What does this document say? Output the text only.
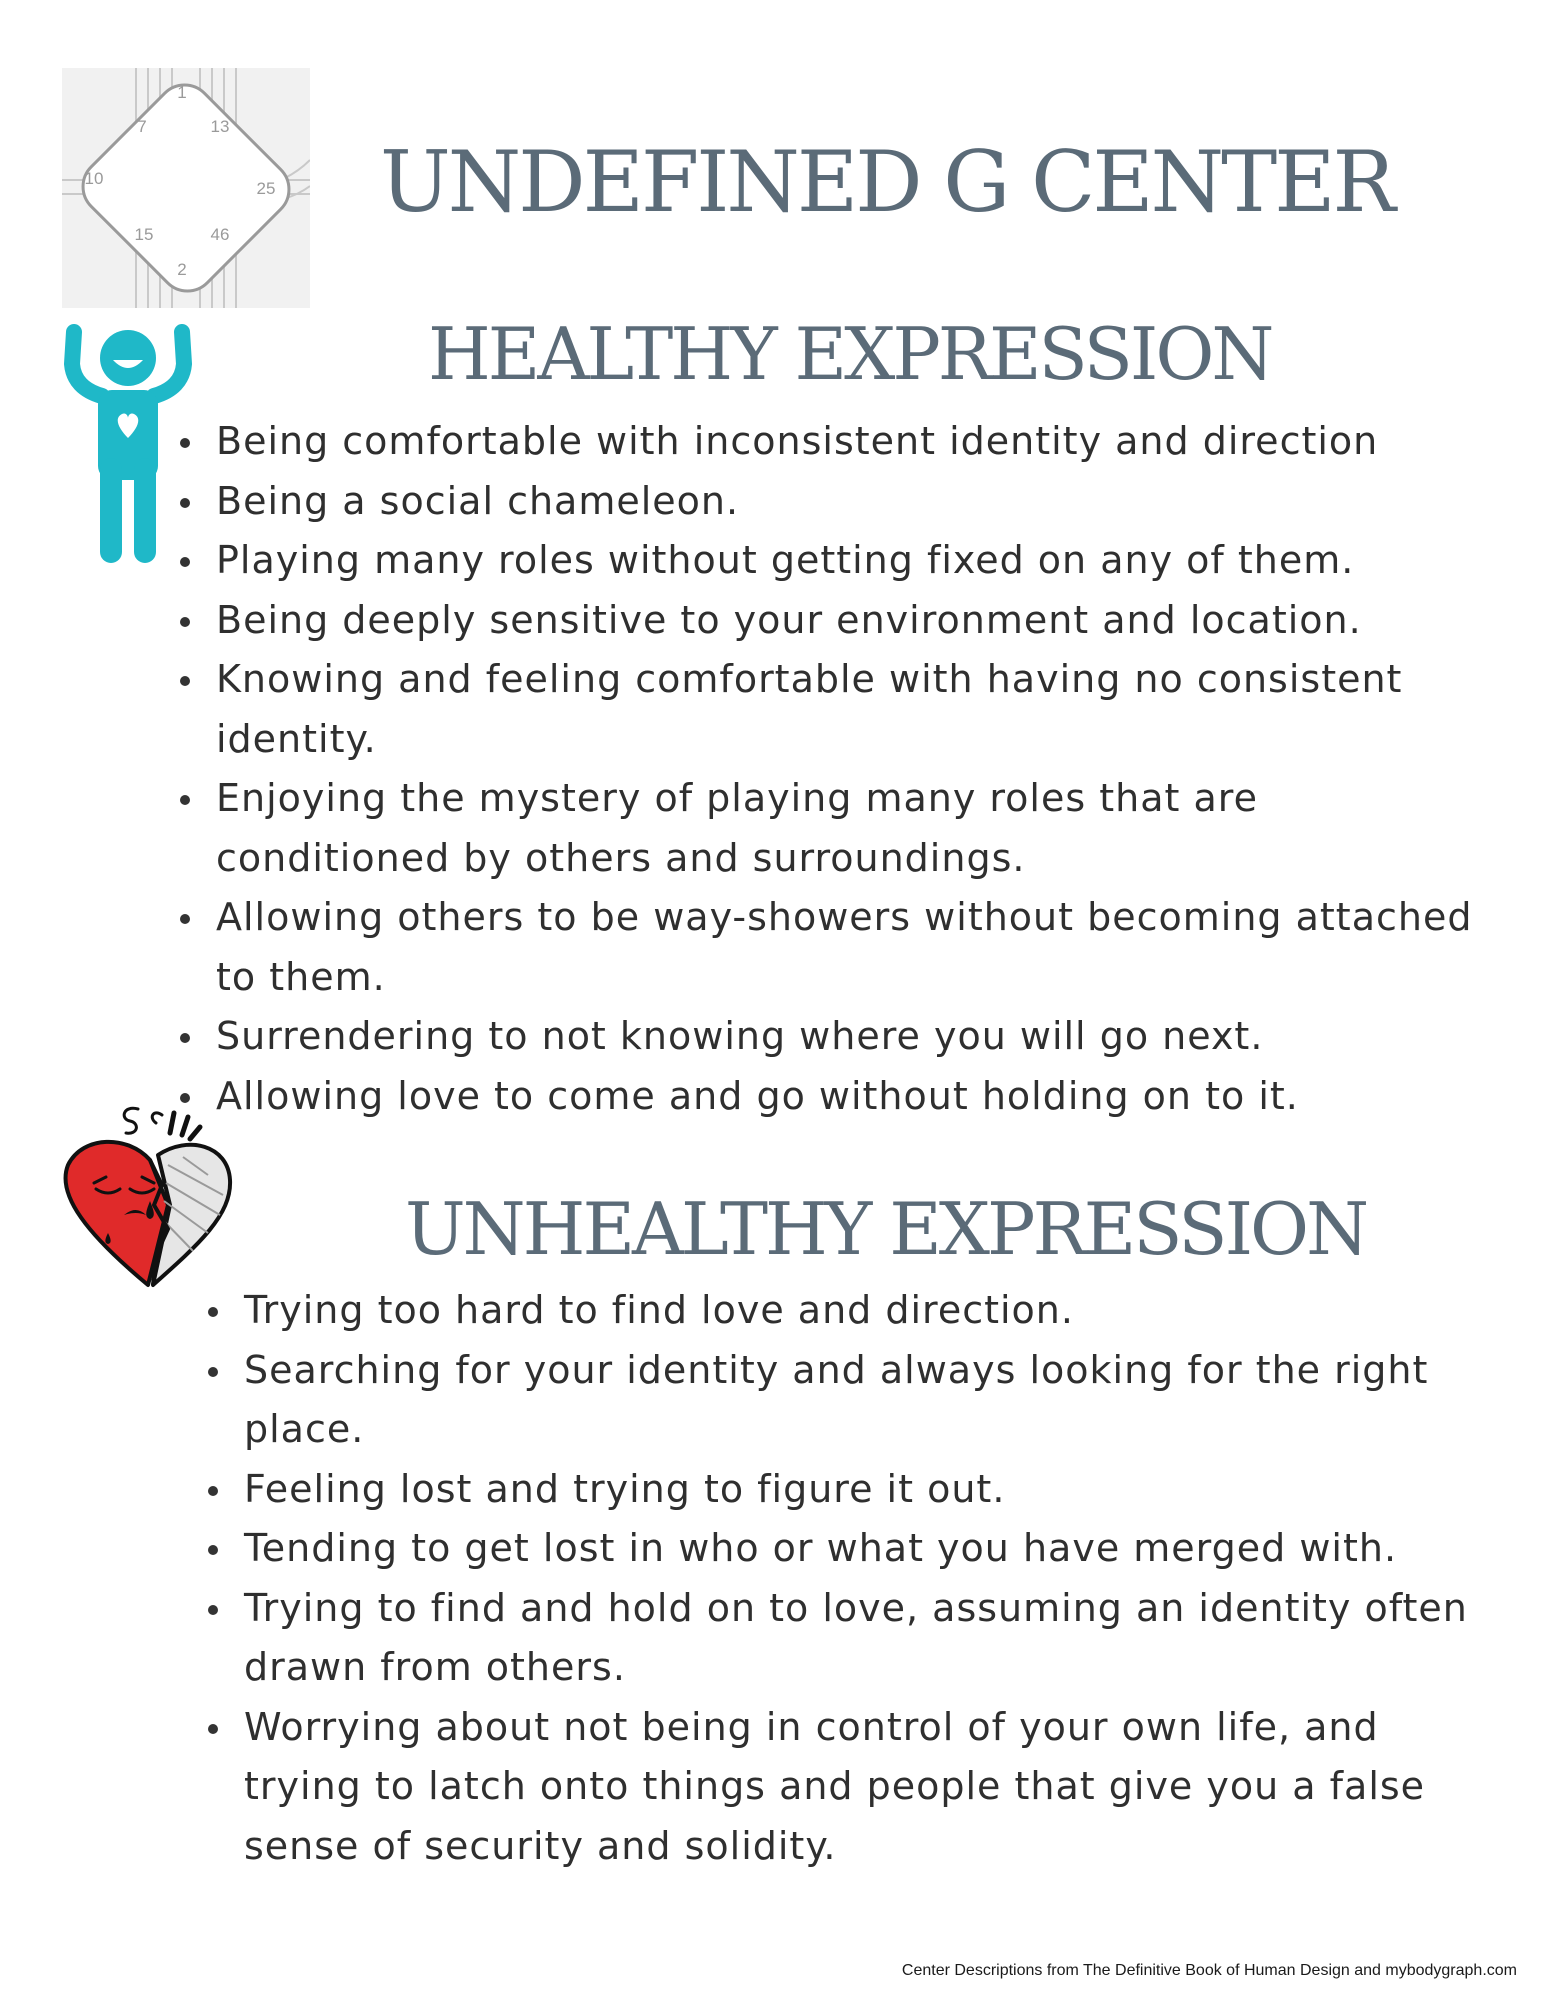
1
7	13
10
25
15	46
2
UNDEFINED G CENTER
HEALTHY EXPRESSION
Being comfortable with inconsistent identity and direction
Being a social chameleon.
Playing many roles without getting fixed on any of them.
Being deeply sensitive to your environment and location.
Knowing and feeling comfortable with having no consistent identity.
Enjoying the mystery of playing many roles that are conditioned by others and surroundings.
Allowing others to be way-showers without becoming attached to them.
Surrendering to not knowing where you will go next.
Allowing love to come and go without holding on to it.
UNHEALTHY EXPRESSION
Trying too hard to find love and direction.
Searching for your identity and always looking for the right place.
Feeling lost and trying to figure it out.
Tending to get lost in who or what you have merged with.
Trying to find and hold on to love, assuming an identity often drawn from others.
Worrying about not being in control of your own life, and trying to latch onto things and people that give you a false sense of security and solidity.
Center Descriptions from The Definitive Book of Human Design and mybodygraph.com
